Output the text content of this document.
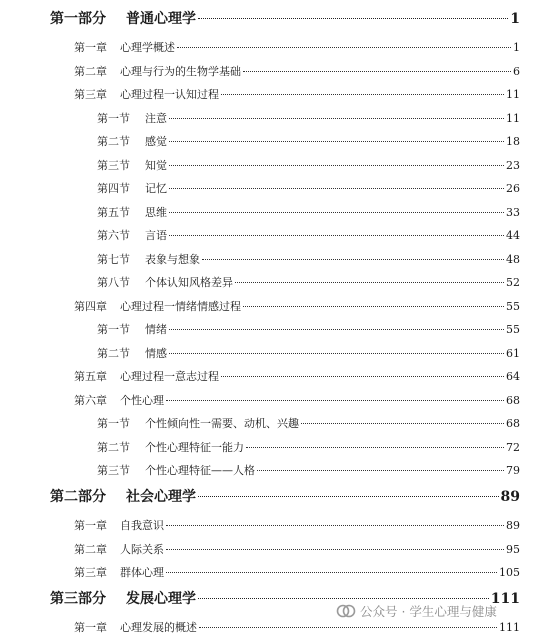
第一部分 普通心理学	1
第一章 心理学概述	1
第二章 心理与行为的生物学基础	6
第三章 心理过程一认知过程	11
第一节 注意	11
第二节 感觉	18
第三节 知觉	23
第四节 记忆	26
第五节 思维	33
第六节 言语	44
第七节 表象与想象	48
第八节 个体认知风格差异	52
第四章 心理过程一情绪情感过程	55
第一节 情绪	55
第二节 情感	61
第五章 心理过程一意志过程	64
第六章 个性心理	68
第一节 个性倾向性一需要、动机、兴趣	68
第二节 个性心理特征一能力	72
第三节 个性心理特征——人格	79
第二部分 社会心理学	89
第一章 自我意识	89
第二章 人际关系	95
第三章 群体心理	105
第三部分 发展心理学	111
第一章 心理发展的概述	111
公众号 · 学生心理与健康
